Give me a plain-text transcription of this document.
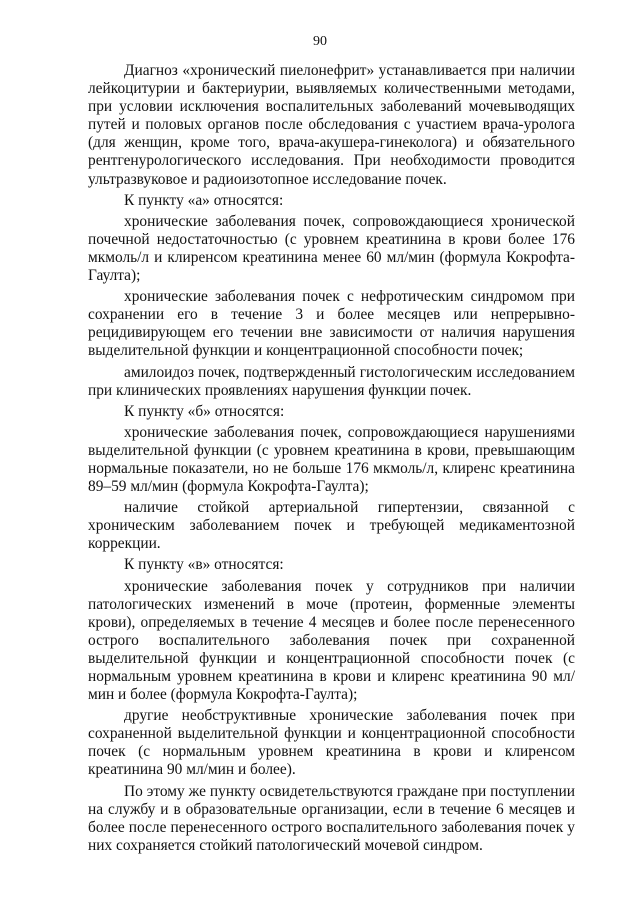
90

Диагноз «хронический пиелонефрит» устанавливается при наличии лейкоцитурии и бактериурии, выявляемых количественными методами, при условии исключения воспалительных заболеваний мочевыводящих путей и половых органов после обследования с участием врача-уролога (для женщин, кроме того, врача-акушера-гинеколога) и обязательного рентгенурологического исследования. При необходимости проводится ультразвуковое и радиоизотопное исследование почек.

К пункту «а» относятся:

хронические заболевания почек, сопровождающиеся хронической почечной недостаточностью (с уровнем креатинина в крови более 176 мкмоль/л и клиренсом креатинина менее 60 мл/мин (формула Кокрофта-Гаулта);

хронические заболевания почек с нефротическим синдромом при сохранении его в течение 3 и более месяцев или непрерывно-рецидивирующем его течении вне зависимости от наличия нарушения выделительной функции и концентрационной способности почек;

амилоидоз почек, подтвержденный гистологическим исследованием при клинических проявлениях нарушения функции почек.

К пункту «б» относятся:

хронические заболевания почек, сопровождающиеся нарушениями выделительной функции (с уровнем креатинина в крови, превышающим нормальные показатели, но не больше 176 мкмоль/л, клиренс креатинина 89–59 мл/мин (формула Кокрофта-Гаулта);

наличие стойкой артериальной гипертензии, связанной с хроническим заболеванием почек и требующей медикаментозной коррекции.

К пункту «в» относятся:

хронические заболевания почек у сотрудников при наличии патологических изменений в моче (протеин, форменные элементы крови), определяемых в течение 4 месяцев и более после перенесенного острого воспалительного заболевания почек при сохраненной выделительной функции и концентрационной способности почек (с нормальным уровнем креатинина в крови и клиренс креатинина 90 мл/мин и более (формула Кокрофта-Гаулта);

другие необструктивные хронические заболевания почек при сохраненной выделительной функции и концентрационной способности почек (с нормальным уровнем креатинина в крови и клиренсом креатинина 90 мл/мин и более).

По этому же пункту освидетельствуются граждане при поступлении на службу и в образовательные организации, если в течение 6 месяцев и более после перенесенного острого воспалительного заболевания почек у них сохраняется стойкий патологический мочевой синдром.
